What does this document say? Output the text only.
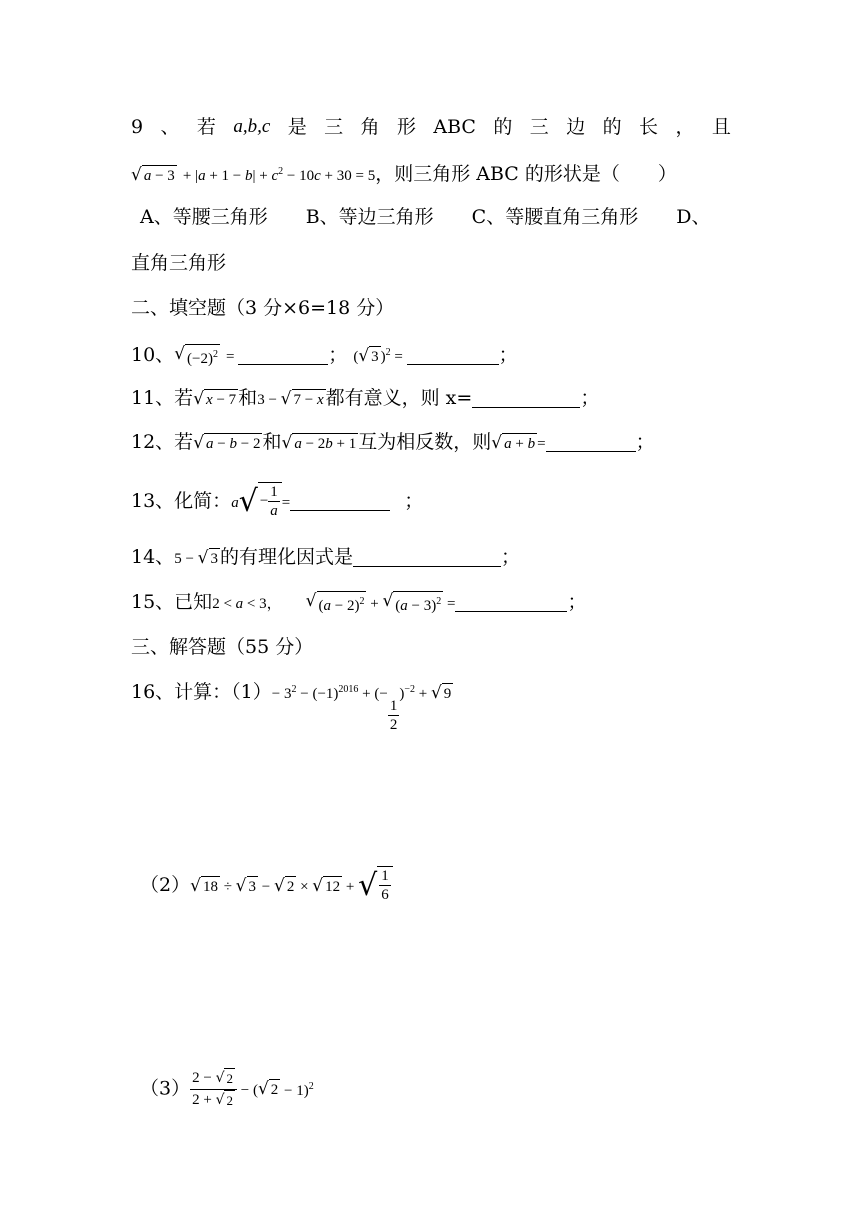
9 、 若 a,b,c 是 三 角 形 ABC 的 三 边 的 长 ， 且
√ $a - 3 + |a + 1 - b| + c^2 - 10c + 30 = 5$，则三角形 ABC 的形状是（　　）
A、等腰三角形　　B、等边三角形　　C、等腰直角三角形　　D、
直角三角形
二、填空题（3 分×6=18 分）
10、 √ $(-2)^2$ =	； ( √ 3 )$^2$ =	；
11、若 √ x − 7 和3 − √ 7 − x 都有意义，则 x=	；
12、若 √ a − b − 2 和 √ a − 2b + 1 互为相反数，则 √ a + b =	；
13、化简：a √ − $\frac{1}{a}$ =	；
14、5 − √ 3 的有理化因式是	；
15、已知2 < a < 3， √ $(a - 2)^2$ + √ $(a - 3)^2$ =	；
三、解答题（55 分）
16、计算：$(1)- 3^2 - (-1)^{2016}$ + (−
$\frac{1}{2}$
)$^{-2}$ + √ 9
（2） √ 18 ÷ √ 3 − √ 2 × √ 12 + √ $\frac{1}{6}$
$(3) \frac{2 - √ 2}{2 + √ 2}$ − ( √ 2 − 1)$^2$
